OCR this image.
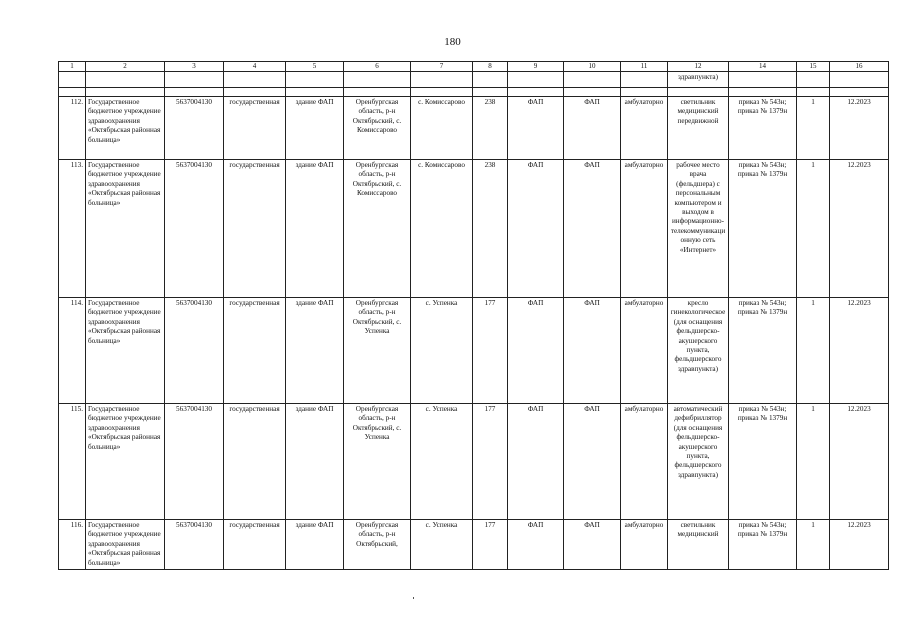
180
1	2	3	4	5	6	7	8	9	10	11	12	14	15	16
											здравпункта)			

112.	Государственное бюджетное учреждение здравоохранения «Октябрьская районная больница»	5637004130	государственная	здание ФАП	Оренбургская область, р-н Октябрьский, с. Комиссарово	с. Комиссарово	238	ФАП	ФАП	амбулаторно	светильник медицинский передвижной	приказ № 543н; приказ № 1379н	1	12.2023
113.	Государственное бюджетное учреждение здравоохранения «Октябрьская районная больница»	5637004130	государственная	здание ФАП	Оренбургская область, р-н Октябрьский, с. Комиссарово	с. Комиссарово	238	ФАП	ФАП	амбулаторно	рабочее место врача (фельдшера) с персональным компьютером и выходом в информационно-телекоммуникационную сеть «Интернет»	приказ № 543н; приказ № 1379н	1	12.2023
114.	Государственное бюджетное учреждение здравоохранения «Октябрьская районная больница»	5637004130	государственная	здание ФАП	Оренбургская область, р-н Октябрьский, с. Успенка	с. Успенка	177	ФАП	ФАП	амбулаторно	кресло гинекологическое (для оснащения фельдшерско-акушерского пункта, фельдшерского здравпункта)	приказ № 543н; приказ № 1379н	1	12.2023
115.	Государственное бюджетное учреждение здравоохранения «Октябрьская районная больница»	5637004130	государственная	здание ФАП	Оренбургская область, р-н Октябрьский, с. Успенка	с. Успенка	177	ФАП	ФАП	амбулаторно	автоматический дефибриллятор (для оснащения фельдшерско-акушерского пункта, фельдшерского здравпункта)	приказ № 543н; приказ № 1379н	1	12.2023
116.	Государственное бюджетное учреждение здравоохранения «Октябрьская районная больница»	5637004130	государственная	здание ФАП	Оренбургская область, р-н Октябрьский,	с. Успенка	177	ФАП	ФАП	амбулаторно	светильник медицинский	приказ № 543н; приказ № 1379н	1	12.2023
